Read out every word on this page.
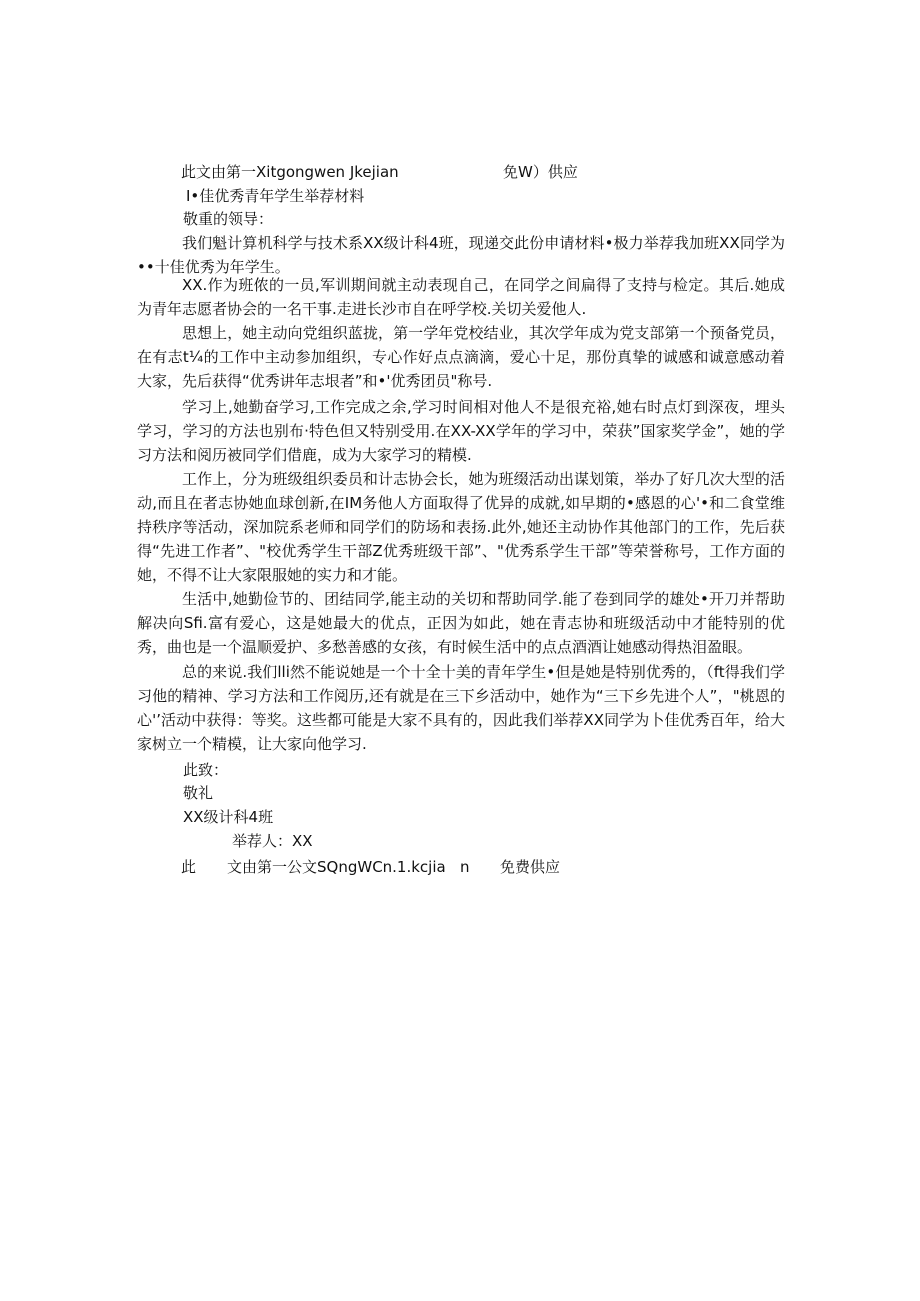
此文由第一Xitgongwen Jkejian	免W）供应
I•佳优秀青年学生举荐材料
敬重的领导：

我们魁计算机科学与技术系XX级计科4班，现递交此份申请材料•极力举荐我加班XX同学为••十佳优秀为年学生。

XX.作为班侬的一员,军训期间就主动表现自己，在同学之间扁得了支持与检定。其后.她成为青年志愿者协会的一名干事.走进长沙市自在呼学校.关切关爱他人.

思想上，她主动向党组织蓝拢，第一学年党校结业，其次学年成为党支部第一个预备党员，在有志t¼的工作中主动参加组织，专心作好点点滴滴，爱心十足，那份真挚的诚感和诚意感动着大家，先后获得“优秀讲年志垠者”和•'优秀团员"称号.

学习上,她勤奋学习,工作完成之余,学习时间相对他人不是很充裕,她右时点灯到深夜，埋头学习，学习的方法也别布·特色但又特别受用.在XX-XX学年的学习中，荣获”国家奖学金”，她的学习方法和阅历被同学们借鹿，成为大家学习的精模.

工作上，分为班级组织委员和计志协会长，她为班缀活动出谋划策，举办了好几次大型的活动,而且在者志协她血球创新,在IM务他人方面取得了优异的成就,如早期的•感恩的心'•和二食堂维持秩序等活动，深加院系老师和同学们的防场和表扬.此外,她还主动协作其他部门的工作，先后获得“先进工作者”、"校优秀学生干部Z优秀班级干部”、"优秀系学生干部”等荣誉称号，工作方面的她，不得不让大家限服她的实力和才能。

生活中,她勤俭节的、团结同学,能主动的关切和帮助同学.能了卷到同学的雄处•开刀并帮助解决向Sfi.富有爱心，这是她最大的优点，正因为如此，她在青志协和班级活动中才能特别的优秀，曲也是一个温顺爱护、多愁善感的女孩，有时候生活中的点点酒酒让她感动得热泪盈眼。

总的来说.我们lli然不能说她是一个十全十美的青年学生•但是她是特别优秀的，（ft得我们学习他的精神、学习方法和工作阅历,还有就是在三下乡活动中，她作为“三下乡先进个人”，"桃恩的心'’活动中获得：等奖。这些都可能是大家不具有的，因此我们举荐XX同学为卜佳优秀百年，给大家树立一个精模，让大家向他学习.

此致：
敬礼
XX级计科4班
举荐人：XX
此 文由第一公文SQngWCn.1.kcjia n 免费供应
